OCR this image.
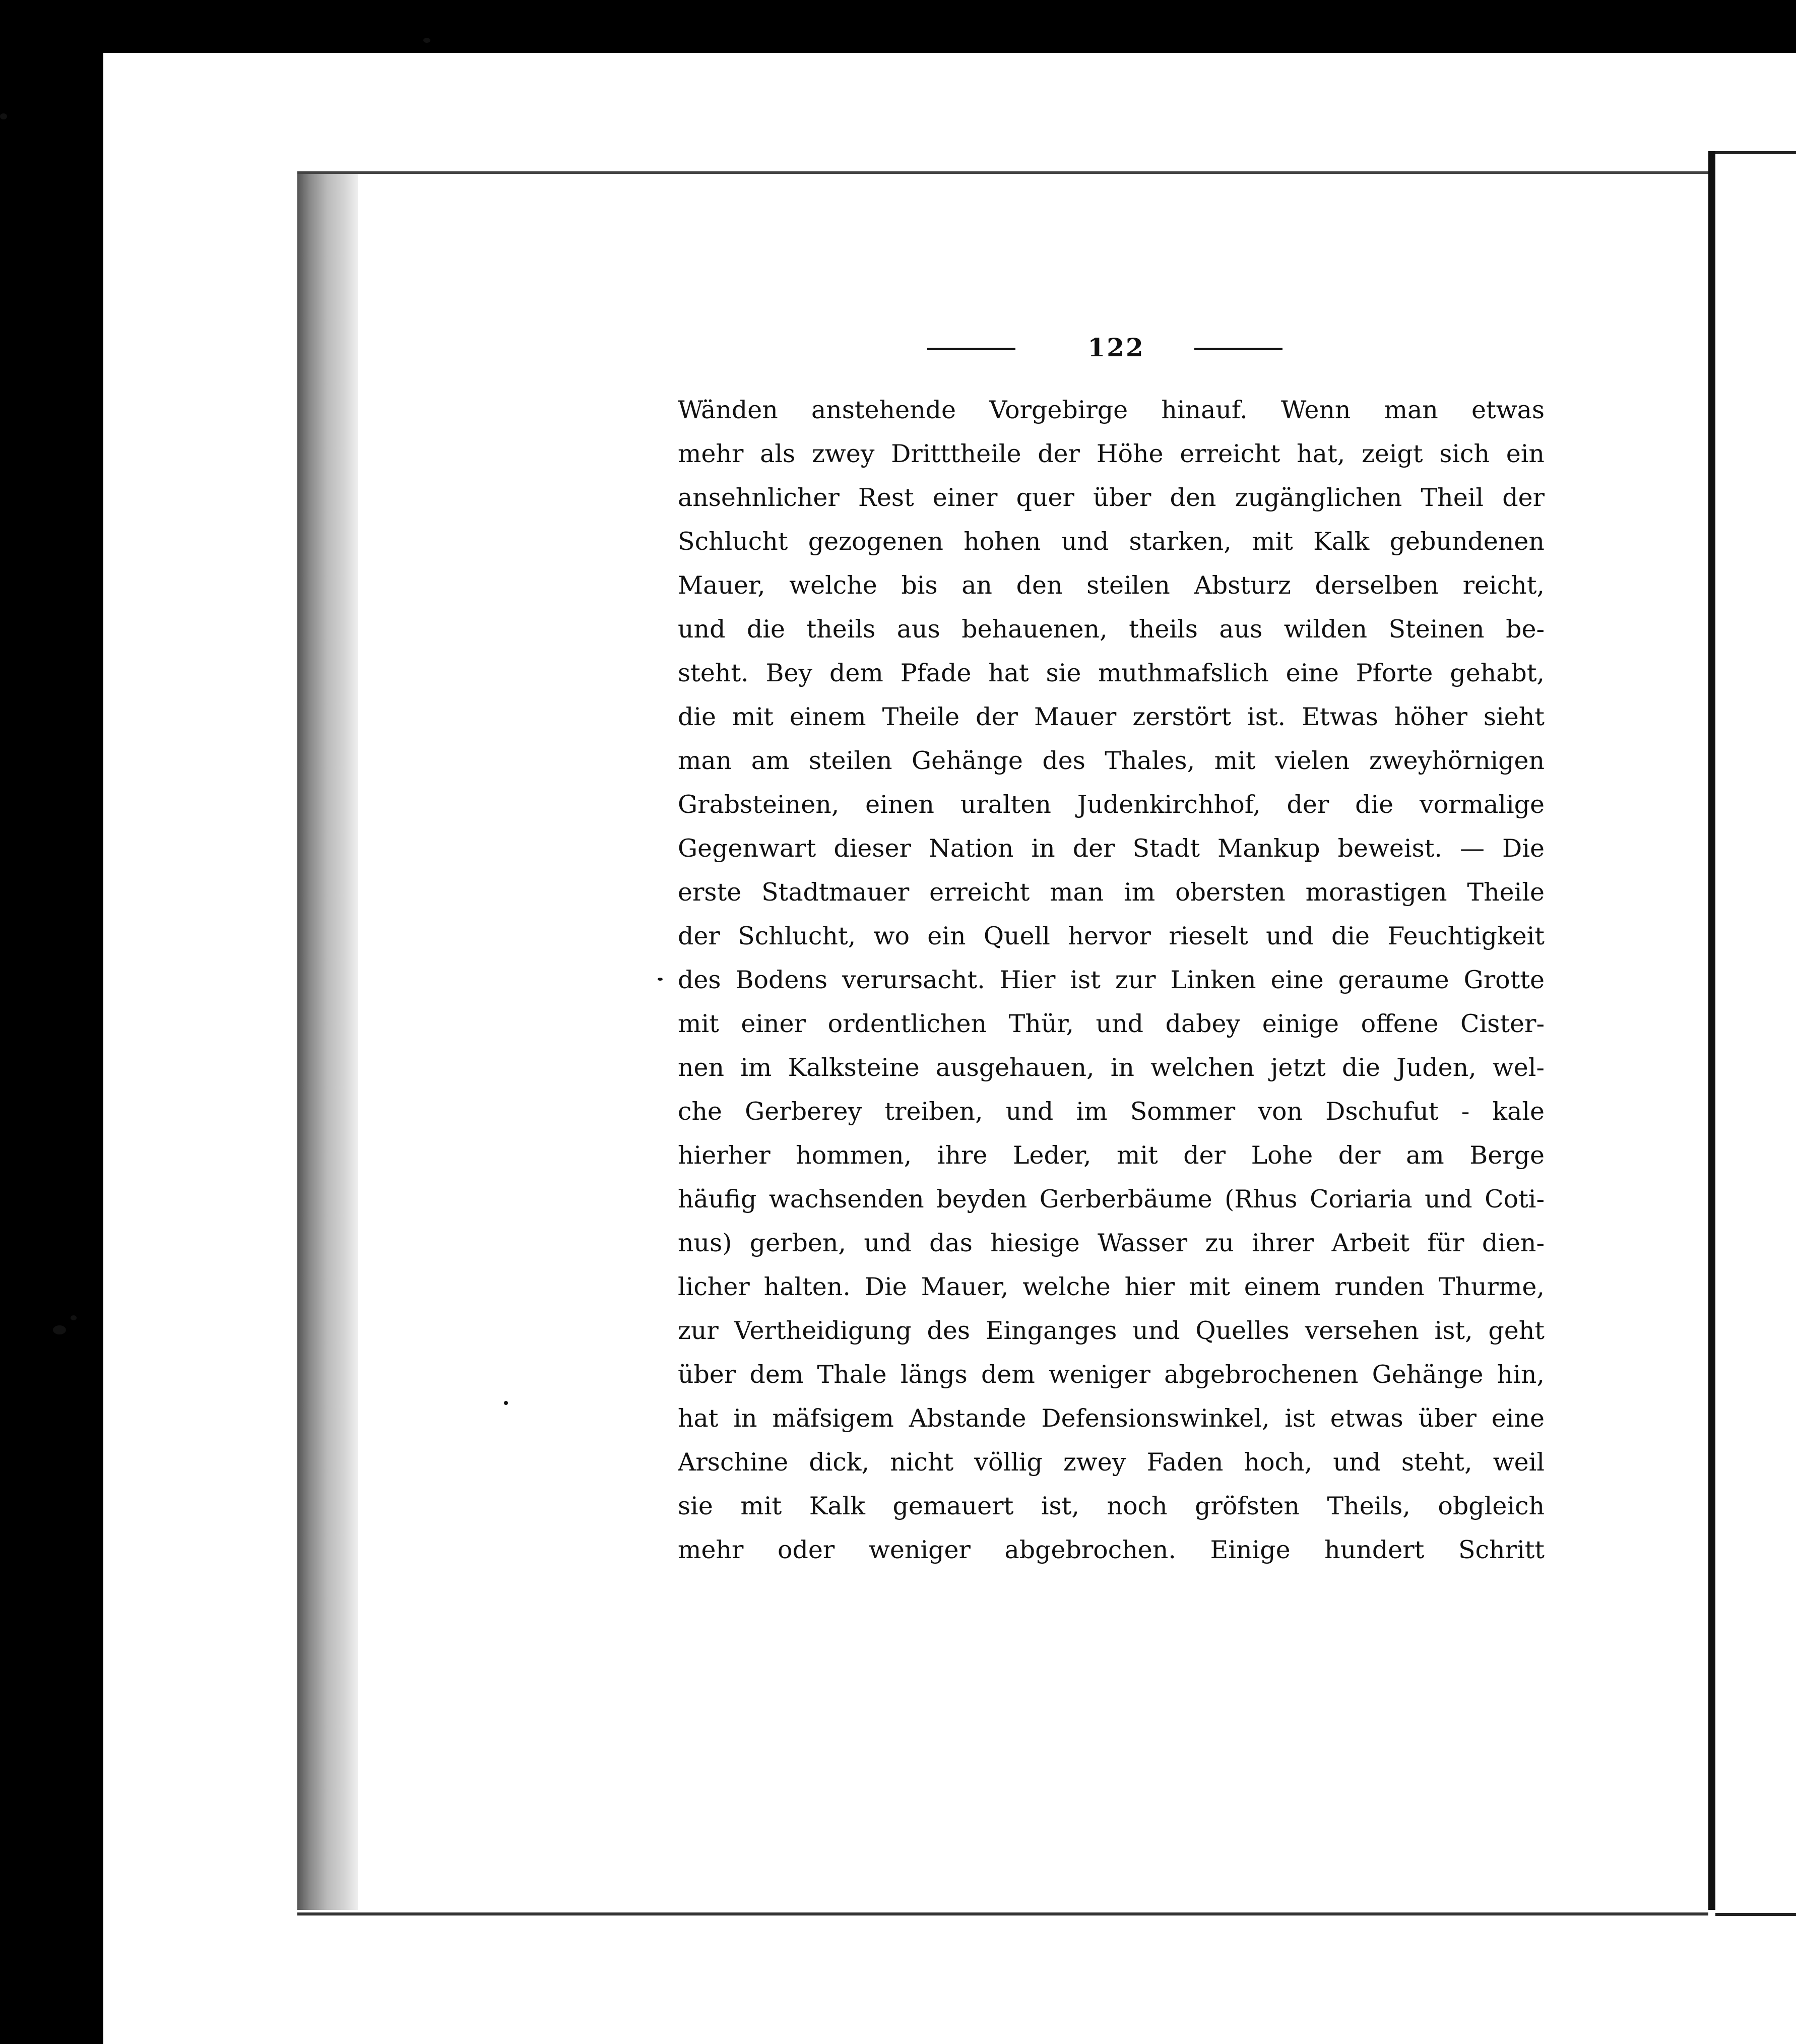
122
Wänden anstehende Vorgebirge hinauf. Wenn man etwas
mehr als zwey Dritttheile der Höhe erreicht hat, zeigt sich ein
ansehnlicher Rest einer quer über den zugänglichen Theil der
Schlucht gezogenen hohen und starken, mit Kalk gebundenen
Mauer, welche bis an den steilen Absturz derselben reicht,
und die theils aus behauenen, theils aus wilden Steinen be-
steht. Bey dem Pfade hat sie muthmafslich eine Pforte gehabt,
die mit einem Theile der Mauer zerstört ist. Etwas höher sieht
man am steilen Gehänge des Thales, mit vielen zweyhörnigen
Grabsteinen, einen uralten Judenkirchhof, der die vormalige
Gegenwart dieser Nation in der Stadt Mankup beweist. — Die
erste Stadtmauer erreicht man im obersten morastigen Theile
der Schlucht, wo ein Quell hervor rieselt und die Feuchtigkeit
des Bodens verursacht. Hier ist zur Linken eine geraume Grotte
mit einer ordentlichen Thür, und dabey einige offene Cister-
nen im Kalksteine ausgehauen, in welchen jetzt die Juden, wel-
che Gerberey treiben, und im Sommer von Dschufut - kale
hierher hommen, ihre Leder, mit der Lohe der am Berge
häufig wachsenden beyden Gerberbäume (Rhus Coriaria und Coti-
nus) gerben, und das hiesige Wasser zu ihrer Arbeit für dien-
licher halten. Die Mauer, welche hier mit einem runden Thurme,
zur Vertheidigung des Einganges und Quelles versehen ist, geht
über dem Thale längs dem weniger abgebrochenen Gehänge hin,
hat in mäfsigem Abstande Defensionswinkel, ist etwas über eine
Arschine dick, nicht völlig zwey Faden hoch, und steht, weil
sie mit Kalk gemauert ist, noch gröfsten Theils, obgleich
mehr oder weniger abgebrochen. Einige hundert Schritt
